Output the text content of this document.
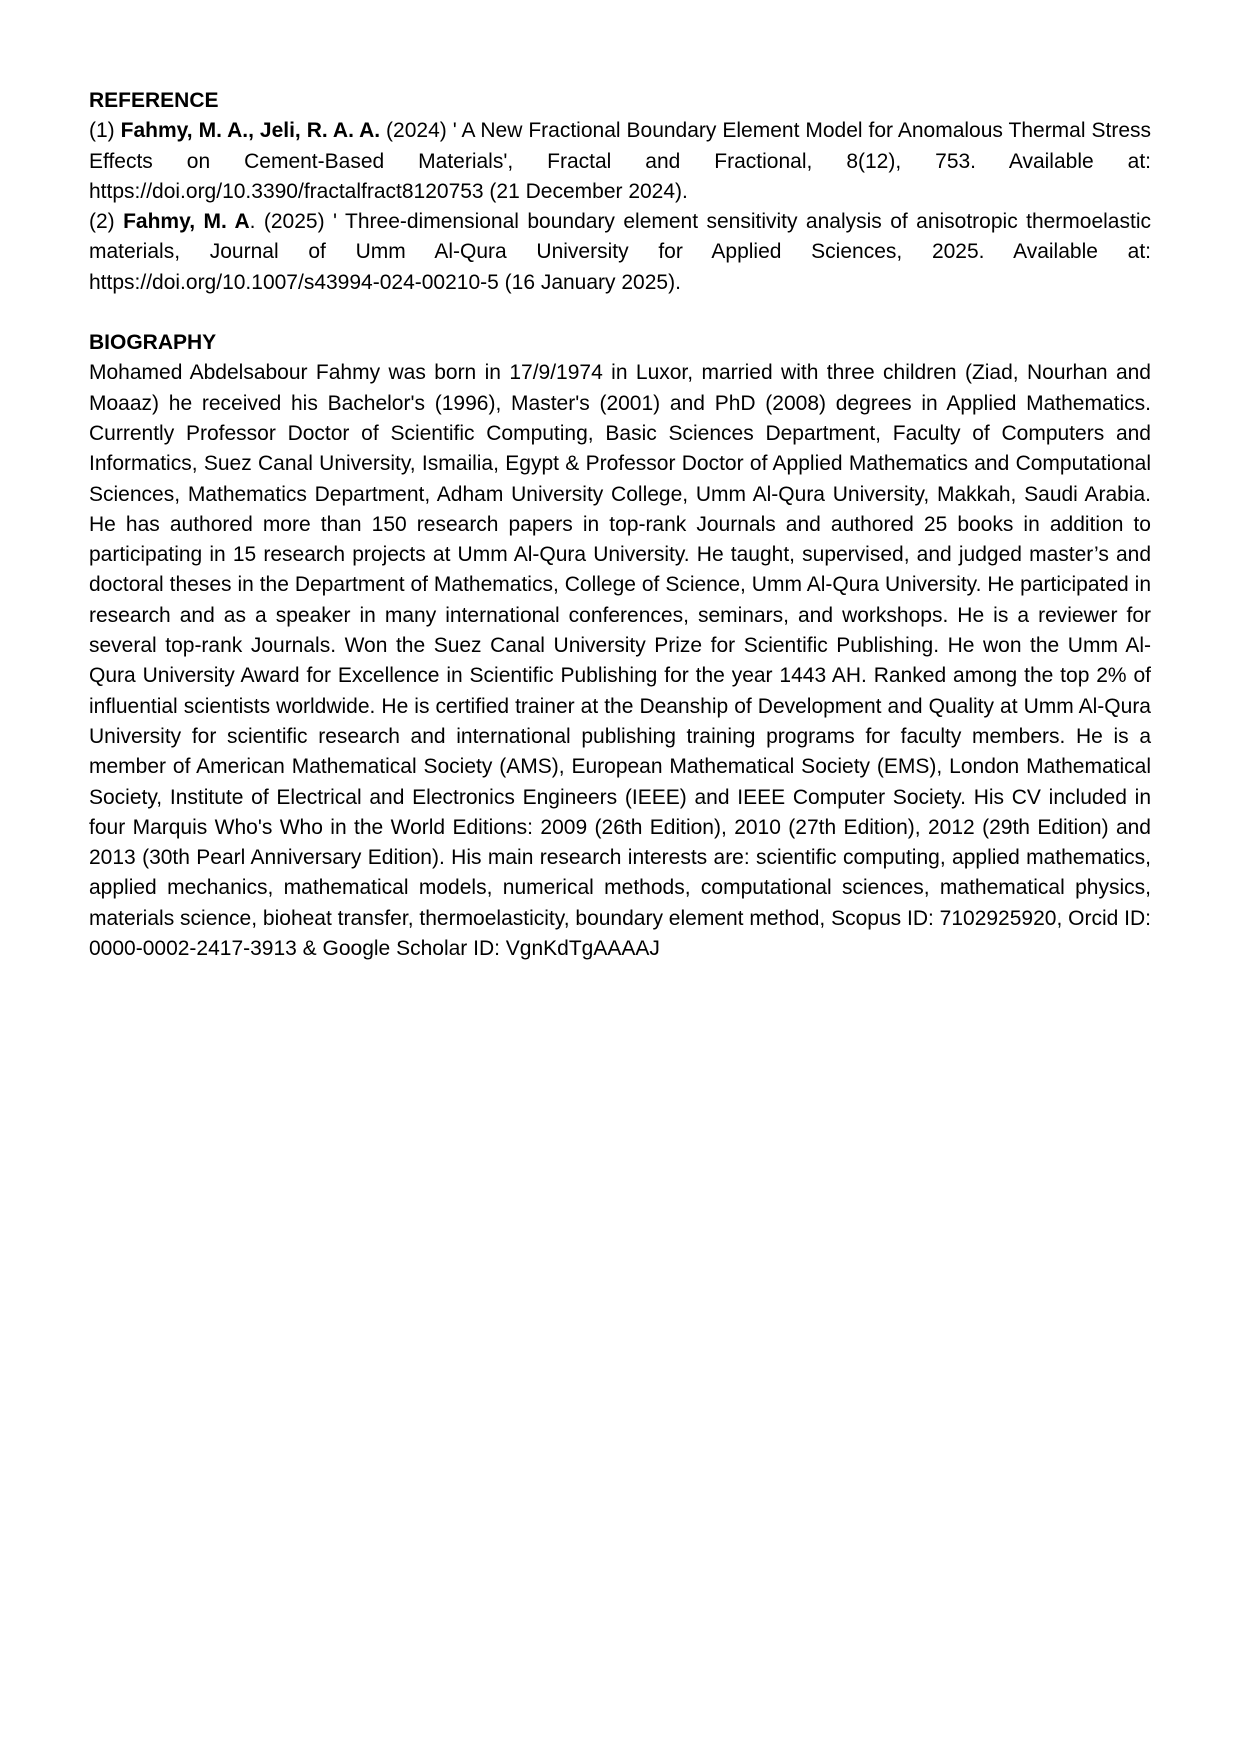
REFERENCE

(1) Fahmy, M. A., Jeli, R. A. A. (2024) ' A New Fractional Boundary Element Model for Anomalous Thermal Stress Effects on Cement-Based Materials', Fractal and Fractional, 8(12), 753. Available at: https://doi.org/10.3390/fractalfract8120753 (21 December 2024).

(2) Fahmy, M. A. (2025) ' Three-dimensional boundary element sensitivity analysis of anisotropic thermoelastic materials, Journal of Umm Al-Qura University for Applied Sciences, 2025. Available at: https://doi.org/10.1007/s43994-024-00210-5 (16 January 2025).

BIOGRAPHY

Mohamed Abdelsabour Fahmy was born in 17/9/1974 in Luxor, married with three children (Ziad, Nourhan and Moaaz) he received his Bachelor's (1996), Master's (2001) and PhD (2008) degrees in Applied Mathematics. Currently Professor Doctor of Scientific Computing, Basic Sciences Department, Faculty of Computers and Informatics, Suez Canal University, Ismailia, Egypt & Professor Doctor of Applied Mathematics and Computational Sciences, Mathematics Department, Adham University College, Umm Al-Qura University, Makkah, Saudi Arabia. He has authored more than 150 research papers in top-rank Journals and authored 25 books in addition to participating in 15 research projects at Umm Al-Qura University. He taught, supervised, and judged master’s and doctoral theses in the Department of Mathematics, College of Science, Umm Al-Qura University. He participated in research and as a speaker in many international conferences, seminars, and workshops. He is a reviewer for several top-rank Journals. Won the Suez Canal University Prize for Scientific Publishing. He won the Umm Al-Qura University Award for Excellence in Scientific Publishing for the year 1443 AH. Ranked among the top 2% of influential scientists worldwide. He is certified trainer at the Deanship of Development and Quality at Umm Al-Qura University for scientific research and international publishing training programs for faculty members. He is a member of American Mathematical Society (AMS), European Mathematical Society (EMS), London Mathematical Society, Institute of Electrical and Electronics Engineers (IEEE) and IEEE Computer Society. His CV included in four Marquis Who's Who in the World Editions: 2009 (26th Edition), 2010 (27th Edition), 2012 (29th Edition) and 2013 (30th Pearl Anniversary Edition). His main research interests are: scientific computing, applied mathematics, applied mechanics, mathematical models, numerical methods, computational sciences, mathematical physics, materials science, bioheat transfer, thermoelasticity, boundary element method, Scopus ID: 7102925920, Orcid ID: 0000-0002-2417-3913 & Google Scholar ID: VgnKdTgAAAAJ
